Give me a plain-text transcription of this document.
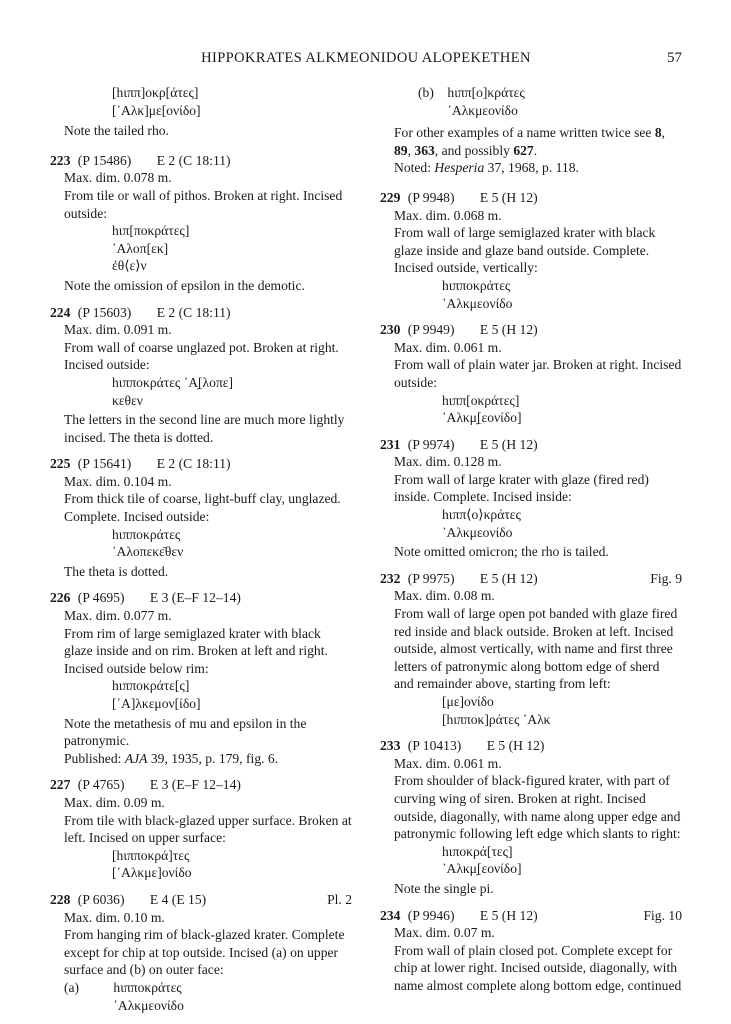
HIPPOKRATES ALKMEONIDOU ALOPEKETHEN	57
[hιππ]οκρ[άτες]
[᾿Αλκ]με[ονίδο]

Note the tailed rho.

223 (P 15486) E 2 (C 18:11)

Max. dim. 0.078 m.

From tile or wall of pithos. Broken at right. Incised outside:

hιπ[ποκράτες]
᾿Αλοπ[εκ]
ἐθ⟨ε⟩ν

Note the omission of epsilon in the demotic.

224 (P 15603) E 2 (C 18:11)

Max. dim. 0.091 m.

From wall of coarse unglazed pot. Broken at right. Incised outside:

hιπποκράτες ᾿Α̣[λοπε]
κεθεν

The letters in the second line are much more lightly incised. The theta is dotted.

225 (P 15641) E 2 (C 18:11)

Max. dim. 0.104 m.

From thick tile of coarse, light-buff clay, unglazed. Complete. Incised outside:

hιπποκράτες
᾿Αλοπεκε̄θεν

The theta is dotted.

226 (P 4695) E 3 (E–F 12–14)

Max. dim. 0.077 m.

From rim of large semiglazed krater with black glaze inside and on rim. Broken at left and right. Incised outside below rim:

hιπποκράτε[ς]
[᾿Α]λκεμον[ίδο]

Note the metathesis of mu and epsilon in the patronymic.

Published: AJA 39, 1935, p. 179, fig. 6.

227 (P 4765) E 3 (E–F 12–14)

Max. dim. 0.09 m.

From tile with black-glazed upper surface. Broken at left. Incised on upper surface:

[hιπποκρά]τες
[᾿Αλκμε]ονίδο

228 (P 6036) E 4 (E 15)	Pl. 2

Max. dim. 0.10 m.

From hanging rim of black-glazed krater. Complete except for chip at top outside. Incised (a) on upper surface and (b) on outer face:

(a)	hιπποκράτες
᾿Αλκμεονίδο
(b) hιππ[ο]κράτες
᾿Αλκμεονίδο

For other examples of a name written twice see 8, 89, 363, and possibly 627.

Noted: Hesperia 37, 1968, p. 118.

229 (P 9948) E 5 (H 12)

Max. dim. 0.068 m.

From wall of large semiglazed krater with black glaze inside and glaze band outside. Complete. Incised outside, vertically:

hιπποκράτες
᾿Αλκμεονίδο

230 (P 9949) E 5 (H 12)

Max. dim. 0.061 m.

From wall of plain water jar. Broken at right. Incised outside:

hιππ[οκράτες]
᾿Αλκμ̣[εονίδο]

231 (P 9974) E 5 (H 12)

Max. dim. 0.128 m.

From wall of large krater with glaze (fired red) inside. Complete. Incised inside:

hιππ⟨ο⟩κράτες
᾿Αλκμεονίδο

Note omitted omicron; the rho is tailed.

232 (P 9975) E 5 (H 12)	Fig. 9

Max. dim. 0.08 m.

From wall of large open pot banded with glaze fired red inside and black outside. Broken at left. Incised outside, almost vertically, with name and first three letters of patronymic along bottom edge of sherd and remainder above, starting from left:

[με]ονίδο
[hιπποκ]ράτες ᾿Αλκ

233 (P 10413) E 5 (H 12)

Max. dim. 0.061 m.

From shoulder of black-figured krater, with part of curving wing of siren. Broken at right. Incised outside, diagonally, with name along upper edge and patronymic following left edge which slants to right:

hιποκρά[τες]
᾿Αλκμ̣[εονίδο]

Note the single pi.

234 (P 9946) E 5 (H 12)	Fig. 10

Max. dim. 0.07 m.

From wall of plain closed pot. Complete except for chip at lower right. Incised outside, diagonally, with name almost complete along bottom edge, continued
